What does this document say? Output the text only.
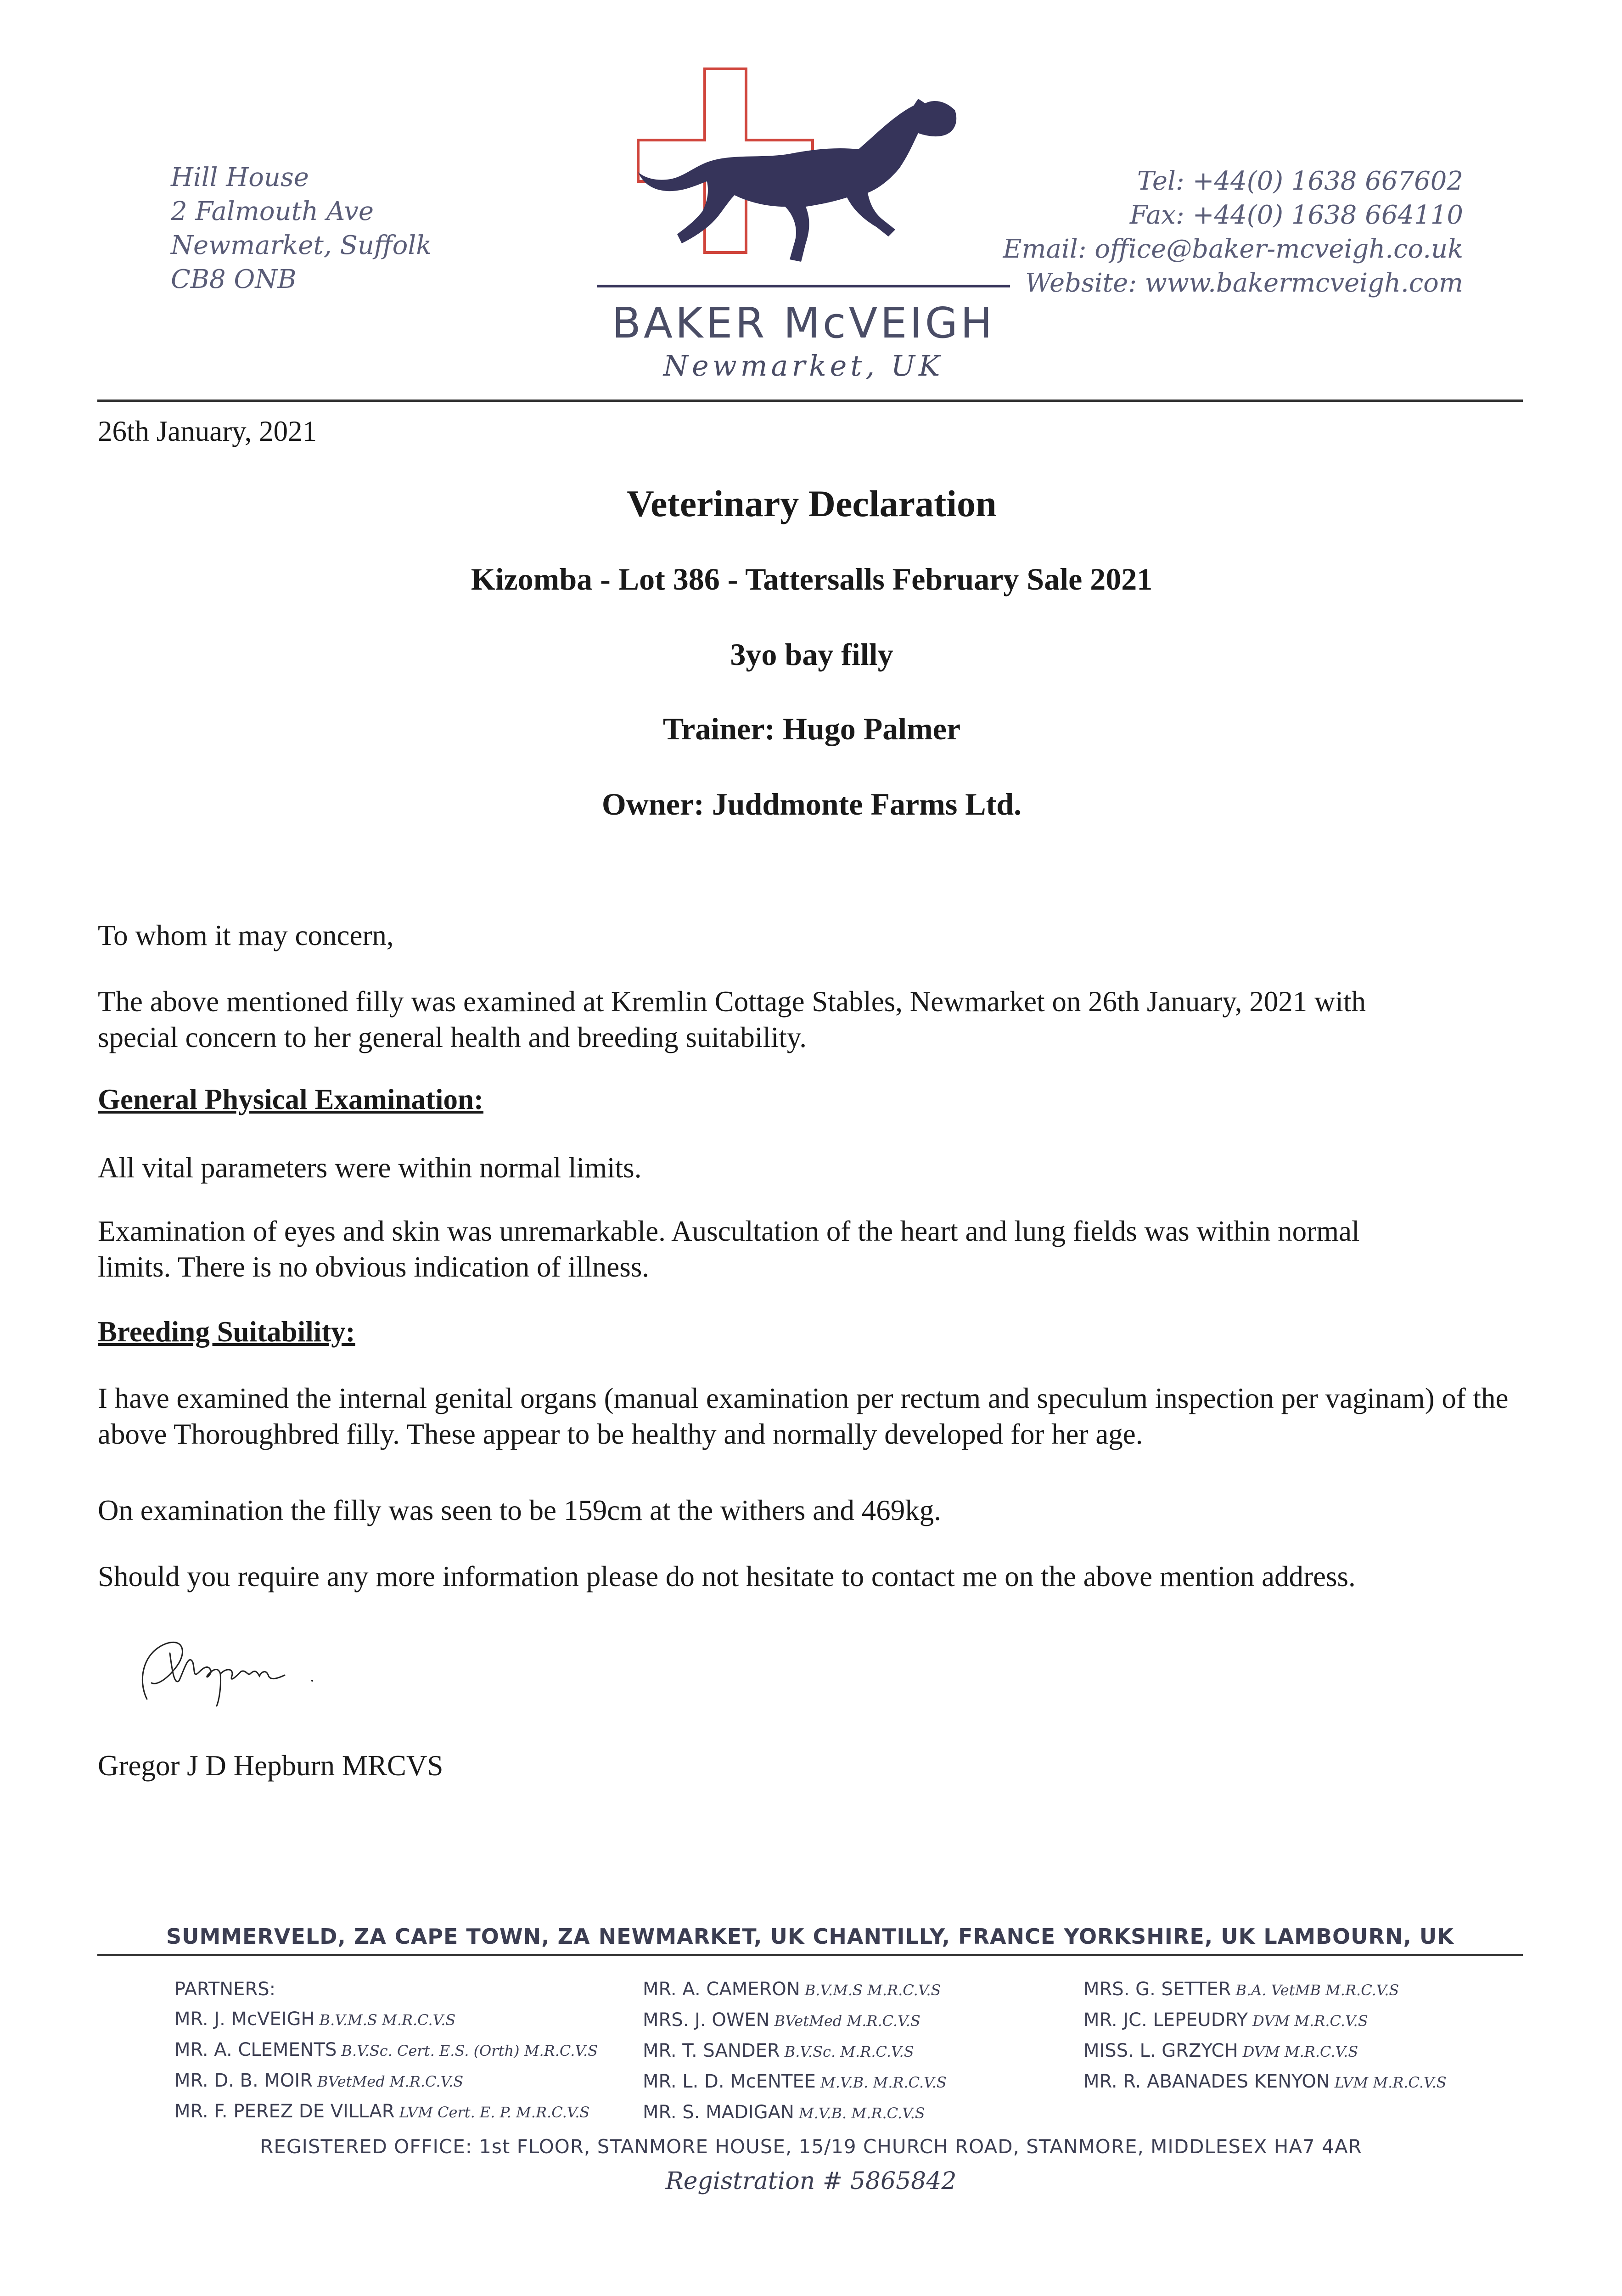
Hill House
2 Falmouth Ave
Newmarket, Suffolk
CB8 ONB
BAKER McVEIGH
Newmarket, UK
Tel: +44(0) 1638 667602
Fax: +44(0) 1638 664110
Email: office@baker-mcveigh.co.uk
Website: www.bakermcveigh.com
26th January, 2021
Veterinary Declaration
Kizomba - Lot 386 - Tattersalls February Sale 2021
3yo bay filly
Trainer: Hugo Palmer
Owner: Juddmonte Farms Ltd.
To whom it may concern,
The above mentioned filly was examined at Kremlin Cottage Stables, Newmarket on 26th January, 2021 with special concern to her general health and breeding suitability.
General Physical Examination:
All vital parameters were within normal limits.
Examination of eyes and skin was unremarkable. Auscultation of the heart and lung fields was within normal limits. There is no obvious indication of illness.
Breeding Suitability:
I have examined the internal genital organs (manual examination per rectum and speculum inspection per vaginam) of the above Thoroughbred filly. These appear to be healthy and normally developed for her age.
On examination the filly was seen to be 159cm at the withers and 469kg.
Should you require any more information please do not hesitate to contact me on the above mention address.
Gregor J D Hepburn MRCVS
SUMMERVELD, ZA CAPE TOWN, ZA NEWMARKET, UK CHANTILLY, FRANCE YORKSHIRE, UK LAMBOURN, UK
PARTNERS:
MR. J. McVEIGH B.V.M.S M.R.C.V.S
MR. A. CLEMENTS B.V.Sc. Cert. E.S. (Orth) M.R.C.V.S
MR. D. B. MOIR BVetMed M.R.C.V.S
MR. F. PEREZ DE VILLAR LVM Cert. E. P. M.R.C.V.S
MR. A. CAMERON B.V.M.S M.R.C.V.S
MRS. J. OWEN BVetMed M.R.C.V.S
MR. T. SANDER B.V.Sc. M.R.C.V.S
MR. L. D. McENTEE M.V.B. M.R.C.V.S
MR. S. MADIGAN M.V.B. M.R.C.V.S
MRS. G. SETTER B.A. VetMB M.R.C.V.S
MR. JC. LEPEUDRY DVM M.R.C.V.S
MISS. L. GRZYCH DVM M.R.C.V.S
MR. R. ABANADES KENYON LVM M.R.C.V.S
REGISTERED OFFICE: 1st FLOOR, STANMORE HOUSE, 15/19 CHURCH ROAD, STANMORE, MIDDLESEX HA7 4AR
Registration # 5865842
